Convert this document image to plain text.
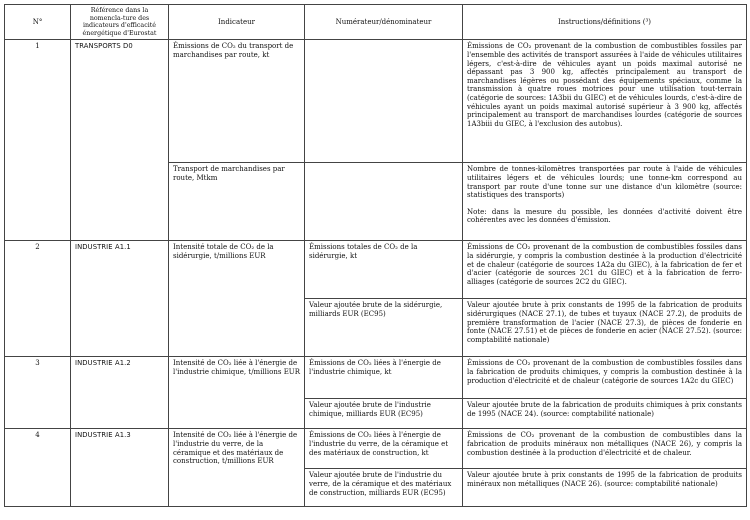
N°	Référence dans la nomencla-ture des indicateurs d'efficacité énergétique d'Eurostat	Indicateur	Numérateur/dénominateur	Instructions/définitions (³)
1	TRANSPORTS D0	Émissions de CO₂ du transport de marchandises par route, kt		Émissions de CO₂ provenant de la combustion de combustibles fossiles par l'ensemble des activités de transport assurées à l'aide de véhicules utilitaires légers, c'est-à-dire de véhicules ayant un poids maximal autorisé ne dépassant pas 3 900 kg, affectés principalement au transport de marchandises légères ou possédant des équipements spéciaux, comme la transmission à quatre roues motrices pour une utilisation tout-terrain (catégorie de sources: 1A3bii du GIEC) et de véhicules lourds, c'est-à-dire de véhicules ayant un poids maximal autorisé supérieur à 3 900 kg, affectés principalement au transport de marchandises lourdes (catégorie de sources 1A3biii du GIEC, à l'exclusion des autobus).
		Transport de marchandises par route, Mtkm		Nombre de tonnes-kilomètres transportées par route à l'aide de véhicules utilitaires légers et de véhicules lourds; une tonne-km correspond au transport par route d'une tonne sur une distance d'un kilomètre (source: statistiques des transports)
Note: dans la mesure du possible, les données d'activité doivent être cohérentes avec les données d'émission.

2	INDUSTRIE A1.1	Intensité totale de CO₂ de la sidérurgie, t/millions EUR	Émissions totales de CO₂ de la sidérurgie, kt	Émissions de CO₂ provenant de la combustion de combustibles fossiles dans la sidérurgie, y compris la combustion destinée à la production d'électricité et de chaleur (catégorie de sources 1A2a du GIEC), à la fabrication de fer et d'acier (catégorie de sources 2C1 du GIEC) et à la fabrication de ferro-alliages (catégorie de sources 2C2 du GIEC).
			Valeur ajoutée brute de la sidérurgie, milliards EUR (EC95)	Valeur ajoutée brute à prix constants de 1995 de la fabrication de produits sidérurgiques (NACE 27.1), de tubes et tuyaux (NACE 27.2), de produits de première transformation de l'acier (NACE 27.3), de pièces de fonderie en fonte (NACE 27.51) et de pièces de fonderie en acier (NACE 27.52). (source: comptabilité nationale)
3	INDUSTRIE A1.2	Intensité de CO₂ liée à l'énergie de l'industrie chimique, t/millions EUR	Émissions de CO₂ liées à l'énergie de l'industrie chimique, kt	Émissions de CO₂ provenant de la combustion de combustibles fossiles dans la fabrication de produits chimiques, y compris la combustion destinée à la production d'électricité et de chaleur (catégorie de sources 1A2c du GIEC)
			Valeur ajoutée brute de l'industrie chimique, milliards EUR (EC95)	Valeur ajoutée brute de la fabrication de produits chimiques à prix constants de 1995 (NACE 24). (source: comptabilité nationale)
4	INDUSTRIE A1.3	Intensité de CO₂ liée à l'énergie de l'industrie du verre, de la céramique et des matériaux de construction, t/millions EUR	Émissions de CO₂ liées à l'énergie de l'industrie du verre, de la céramique et des matériaux de construction, kt	Émissions de CO₂ provenant de la combustion de combustibles dans la fabrication de produits minéraux non métalliques (NACE 26), y compris la combustion destinée à la production d'électricité et de chaleur.
			Valeur ajoutée brute de l'industrie du verre, de la céramique et des matériaux de construction, milliards EUR (EC95)	Valeur ajoutée brute à prix constants de 1995 de la fabrication de produits minéraux non métalliques (NACE 26). (source: comptabilité nationale)
